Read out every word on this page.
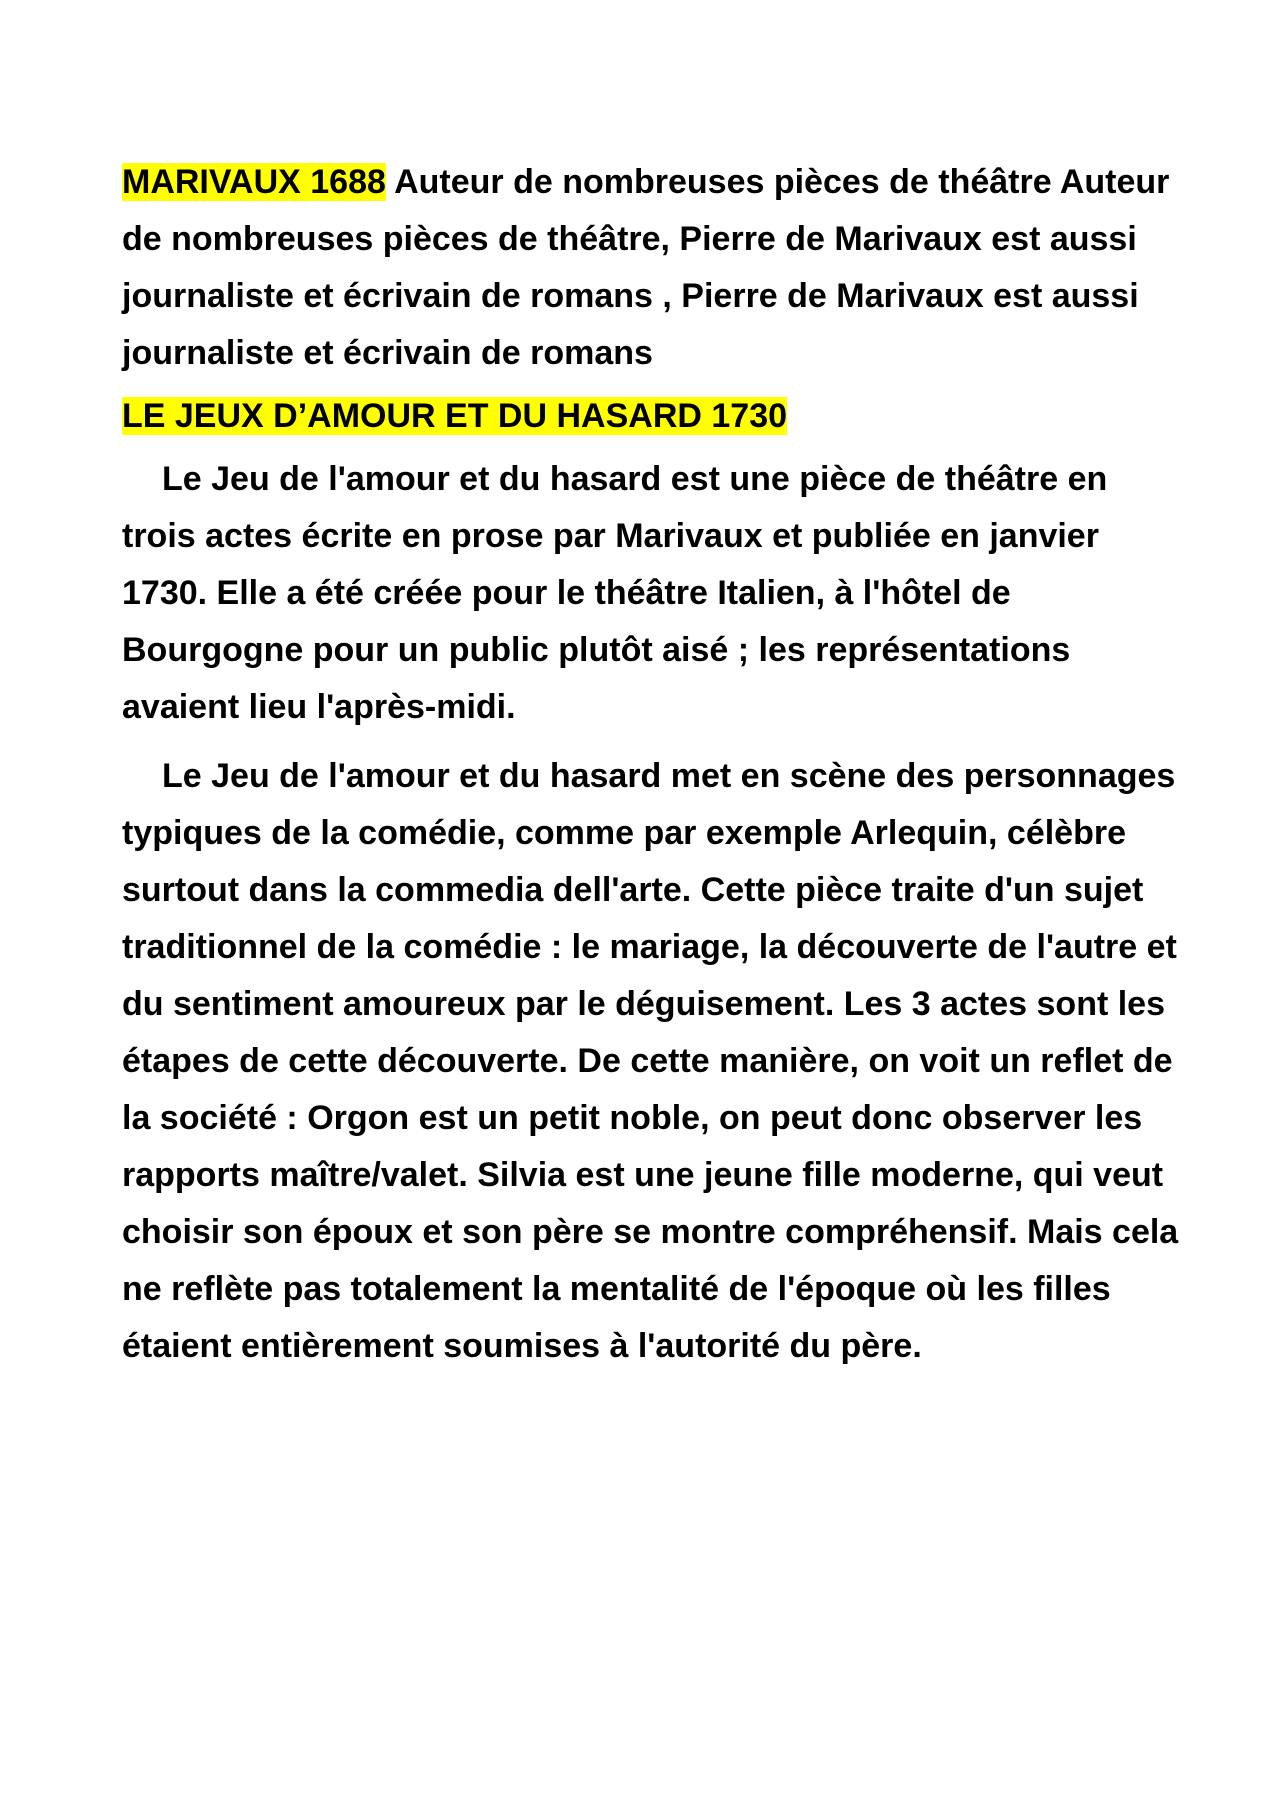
MARIVAUX 1688 Auteur de nombreuses pièces de théâtre Auteur de nombreuses pièces de théâtre, Pierre de Marivaux est aussi journaliste et écrivain de romans , Pierre de Marivaux est aussi journaliste et écrivain de romans

LE JEUX D’AMOUR ET DU HASARD 1730

Le Jeu de l'amour et du hasard est une pièce de théâtre en trois actes écrite en prose par Marivaux et publiée en janvier 1730. Elle a été créée pour le théâtre Italien, à l'hôtel de Bourgogne pour un public plutôt aisé ; les représentations avaient lieu l'après-midi.

Le Jeu de l'amour et du hasard met en scène des personnages typiques de la comédie, comme par exemple Arlequin, célèbre surtout dans la commedia dell'arte. Cette pièce traite d'un sujet traditionnel de la comédie : le mariage, la découverte de l'autre et du sentiment amoureux par le déguisement. Les 3 actes sont les étapes de cette découverte. De cette manière, on voit un reflet de la société : Orgon est un petit noble, on peut donc observer les rapports maître/valet. Silvia est une jeune fille moderne, qui veut choisir son époux et son père se montre compréhensif. Mais cela ne reflète pas totalement la mentalité de l'époque où les filles étaient entièrement soumises à l'autorité du père.
